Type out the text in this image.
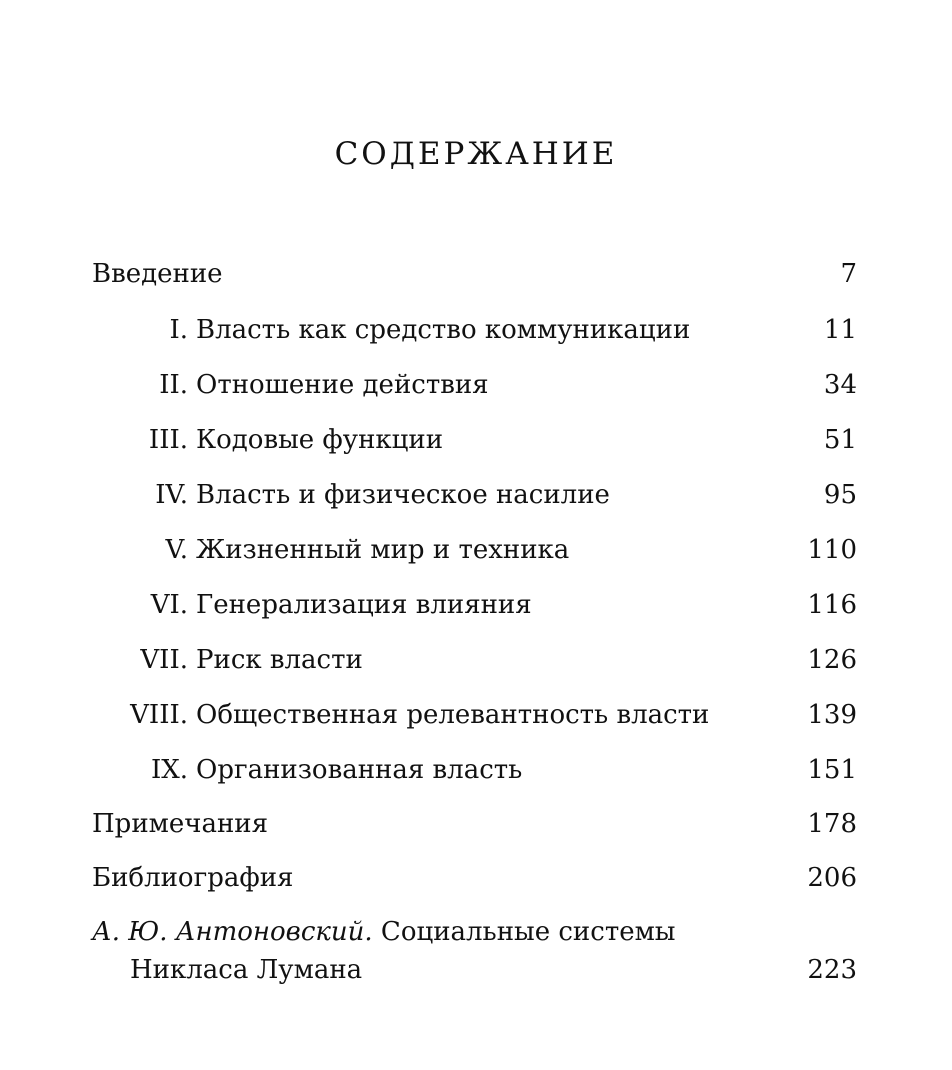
СОДЕРЖАНИЕ
Введение	7
I. Власть как средство коммуникации	11
II. Отношение действия	34
III. Кодовые функции	51
IV. Власть и физическое насилие	95
V. Жизненный мир и техника	110
VI. Генерализация влияния	116
VII. Риск власти	126
VIII. Общественная релевантность власти	139
IX. Организованная власть	151
Примечания	178
Библиография	206
А. Ю. Антоновский. Социальные системы
Никласа Лумана	223
